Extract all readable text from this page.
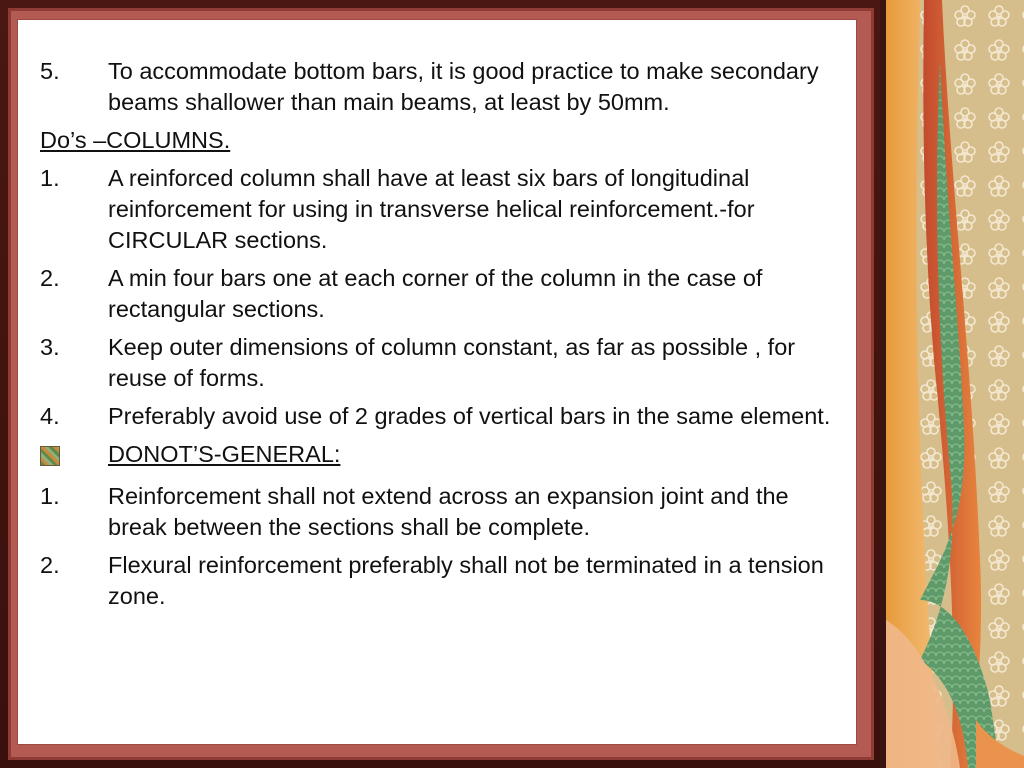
5.	To accommodate bottom bars, it is good practice to make secondary beams shallower than main beams, at least by 50mm.
Do’s –COLUMNS.
1.	A reinforced column shall have at least six bars of longitudinal reinforcement for using in transverse helical reinforcement.-for CIRCULAR sections.
2.	A min four bars one at each corner of the column in the case of rectangular sections.
3.	Keep outer dimensions of column constant, as far as possible , for reuse of forms.
4.	Preferably avoid use of 2 grades of vertical bars in the same element.
DONOT’S-GENERAL:
1.	Reinforcement shall not extend across an expansion joint and the break between the sections shall be complete.
2.	Flexural reinforcement preferably shall not be terminated in a tension zone.
